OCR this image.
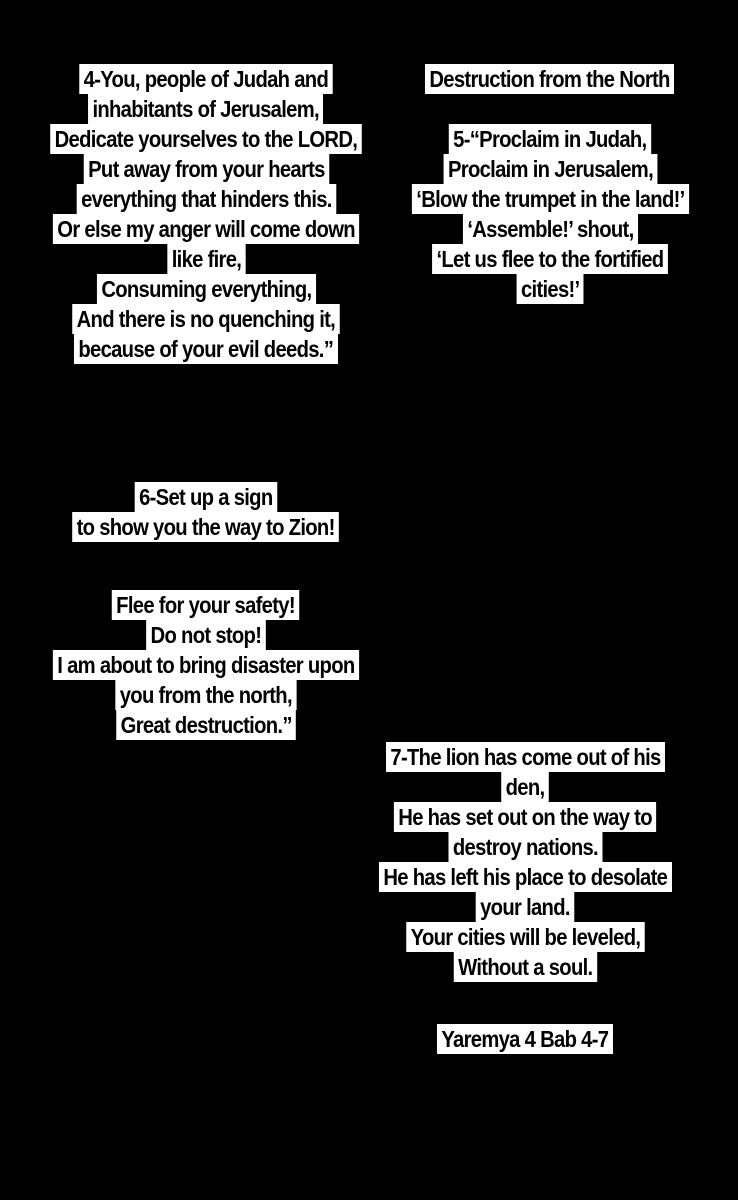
4-You, people of Judah and
inhabitants of Jerusalem,
Dedicate yourselves to the LORD,
Put away from your hearts
everything that hinders this.
Or else my anger will come down
like fire,
Consuming everything,
And there is no quenching it,
because of your evil deeds.”
Destruction from the North
5-“Proclaim in Judah,
Proclaim in Jerusalem,
‘Blow the trumpet in the land!’
‘Assemble!’ shout,
‘Let us flee to the fortified
cities!’
6-Set up a sign
to show you the way to Zion!
Flee for your safety!
Do not stop!
I am about to bring disaster upon
you from the north,
Great destruction.”
7-The lion has come out of his
den,
He has set out on the way to
destroy nations.
He has left his place to desolate
your land.
Your cities will be leveled,
Without a soul.
Yaremya 4 Bab 4-7
